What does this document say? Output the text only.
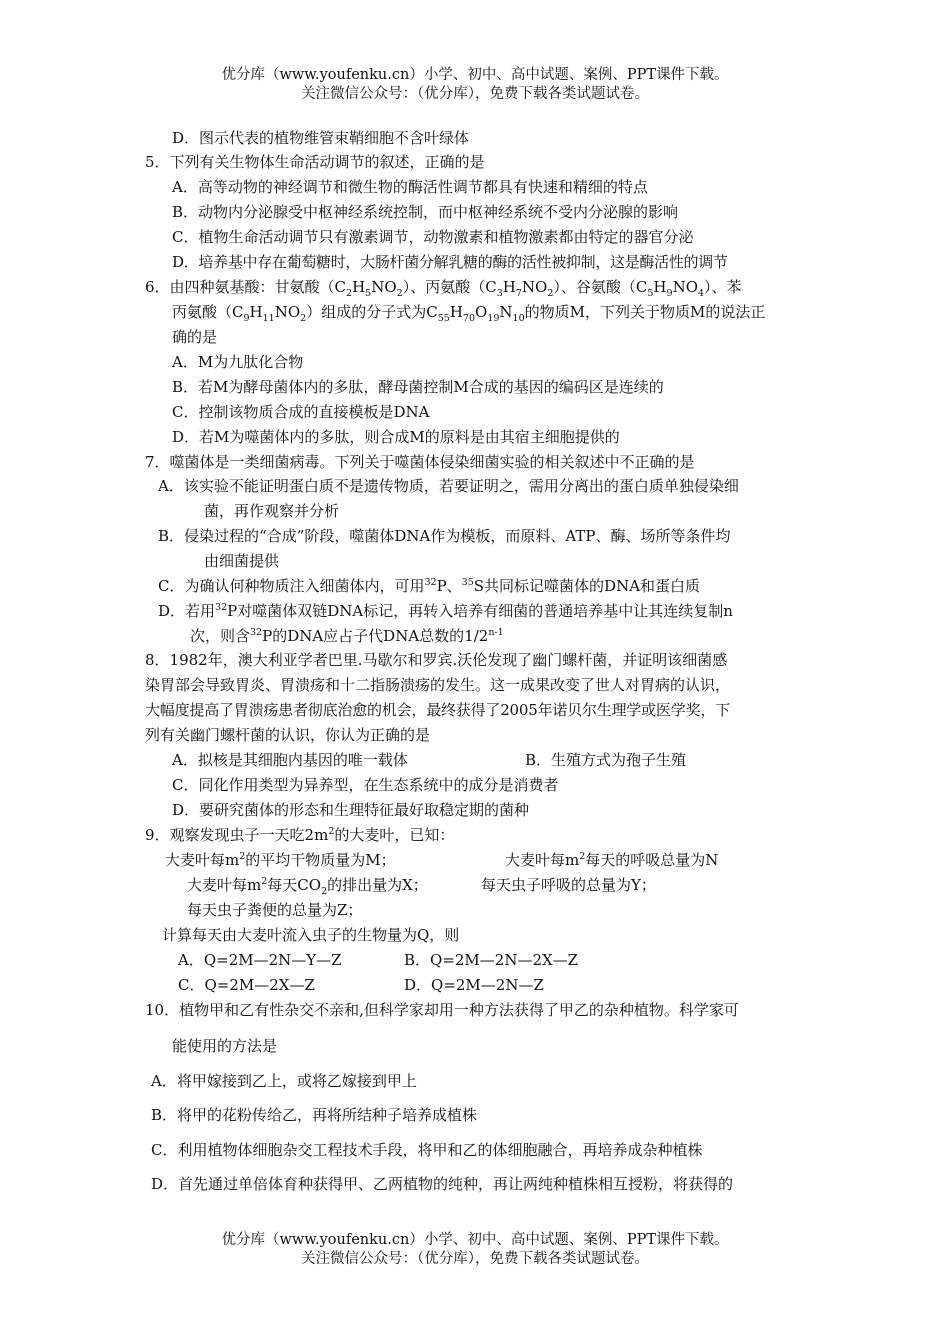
优分库（www.youfenku.cn）小学、初中、高中试题、案例、PPT课件下载。
关注微信公众号：（优分库），免费下载各类试题试卷。
D．图示代表的植物维管束鞘细胞不含叶绿体
5．下列有关生物体生命活动调节的叙述，正确的是
A．高等动物的神经调节和微生物的酶活性调节都具有快速和精细的特点
B．动物内分泌腺受中枢神经系统控制，而中枢神经系统不受内分泌腺的影响
C．植物生命活动调节只有激素调节，动物激素和植物激素都由特定的器官分泌
D．培养基中存在葡萄糖时，大肠杆菌分解乳糖的酶的活性被抑制，这是酶活性的调节
6．由四种氨基酸：甘氨酸$(C_2H_5NO_2)$、丙氨酸$(C_3H_7NO_2)$、谷氨酸$(C_5H_9NO_4)$、苯
丙氨酸$(C_9H_{11}NO_2)$组成的分子式为$C_{55}H_{70}O_{19}N_{10}$的物质M，下列关于物质M的说法正
确的是
A．M为九肽化合物
B．若M为酵母菌体内的多肽，酵母菌控制M合成的基因的编码区是连续的
C．控制该物质合成的直接模板是DNA
D．若M为噬菌体内的多肽，则合成M的原料是由其宿主细胞提供的
7．噬菌体是一类细菌病毒。下列关于噬菌体侵染细菌实验的相关叙述中不正确的是
A．该实验不能证明蛋白质不是遗传物质，若要证明之，需用分离出的蛋白质单独侵染细
菌，再作观察并分析
B．侵染过程的“合成”阶段，噬菌体DNA作为模板，而原料、ATP、酶、场所等条件均
由细菌提供
C．为确认何种物质注入细菌体内，可用$^{32}$P、$^{35}$S共同标记噬菌体的DNA和蛋白质
D．若用$^{32}$P对噬菌体双链DNA标记，再转入培养有细菌的普通培养基中让其连续复制n
次，则含$^{32}$P的DNA应占子代DNA总数的1/2$^{n-1}$
8．1982年，澳大利亚学者巴里.马歇尔和罗宾.沃伦发现了幽门螺杆菌，并证明该细菌感
染胃部会导致胃炎、胃溃疡和十二指肠溃疡的发生。这一成果改变了世人对胃病的认识，
大幅度提高了胃溃疡患者彻底治愈的机会，最终获得了2005年诺贝尔生理学或医学奖，下
列有关幽门螺杆菌的认识，你认为正确的是
A．拟核是其细胞内基因的唯一载体	B．生殖方式为孢子生殖
C．同化作用类型为异养型，在生态系统中的成分是消费者
D．要研究菌体的形态和生理特征最好取稳定期的菌种
9．观察发现虫子一天吃$2m^2$的大麦叶，已知：
大麦叶每$m^2$的平均干物质量为M；	大麦叶每$m^2$每天的呼吸总量为N
大麦叶每$m^2$每天$CO_2$的排出量为X；	每天虫子呼吸的总量为Y；
每天虫子粪便的总量为Z；
计算每天由大麦叶流入虫子的生物量为Q，则
A．Q=2M—2N—Y—Z	B．Q=2M—2N—2X—Z
C．Q=2M—2X—Z	D．Q=2M—2N—Z
10．植物甲和乙有性杂交不亲和,但科学家却用一种方法获得了甲乙的杂种植物。科学家可
能使用的方法是
A．将甲嫁接到乙上，或将乙嫁接到甲上
B．将甲的花粉传给乙，再将所结种子培养成植株
C．利用植物体细胞杂交工程技术手段，将甲和乙的体细胞融合，再培养成杂种植株
D．首先通过单倍体育种获得甲、乙两植物的纯种，再让两纯种植株相互授粉，将获得的
优分库（www.youfenku.cn）小学、初中、高中试题、案例、PPT课件下载。
关注微信公众号：（优分库），免费下载各类试题试卷。
